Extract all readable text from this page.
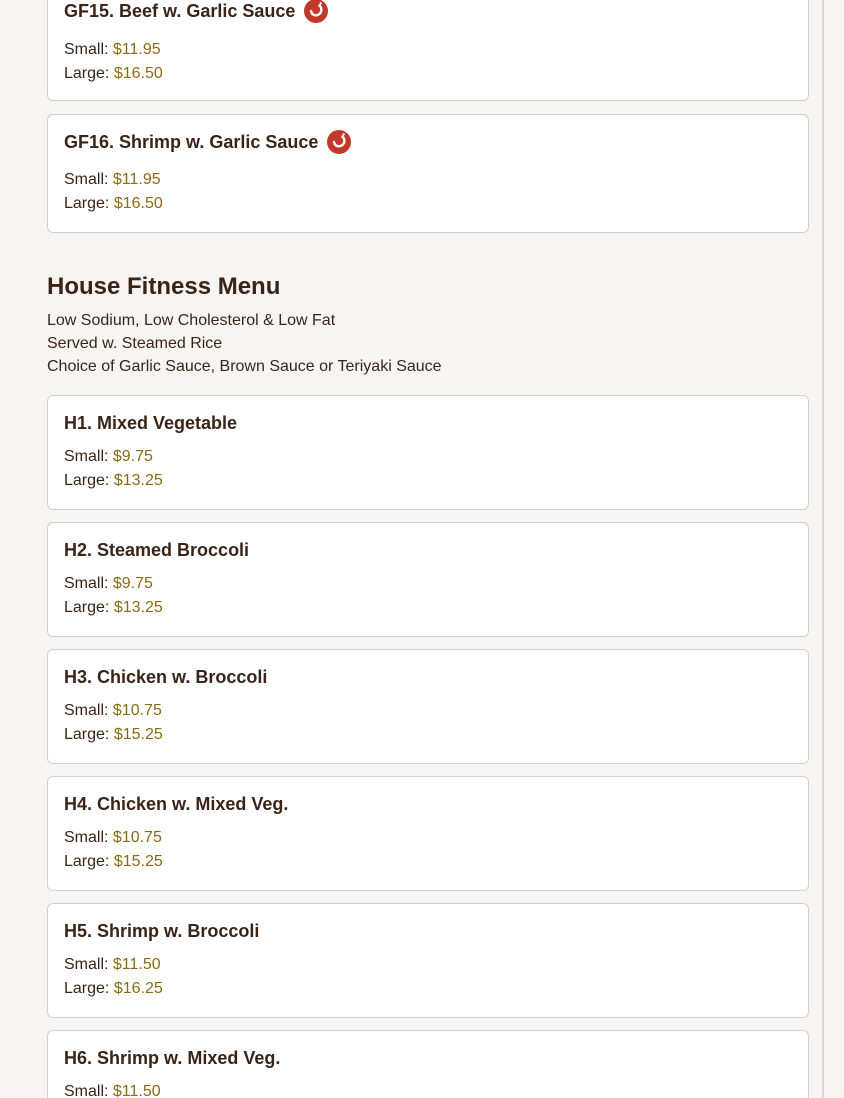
GF15. Beef w. Garlic Sauce
Small: $11.95
Large: $16.50
GF16. Shrimp w. Garlic Sauce
Small: $11.95
Large: $16.50
House Fitness Menu
Low Sodium, Low Cholesterol & Low Fat
Served w. Steamed Rice
Choice of Garlic Sauce, Brown Sauce or Teriyaki Sauce
H1. Mixed Vegetable
Small: $9.75
Large: $13.25
H2. Steamed Broccoli
Small: $9.75
Large: $13.25
H3. Chicken w. Broccoli
Small: $10.75
Large: $15.25
H4. Chicken w. Mixed Veg.
Small: $10.75
Large: $15.25
H5. Shrimp w. Broccoli
Small: $11.50
Large: $16.25
H6. Shrimp w. Mixed Veg.
Small: $11.50
